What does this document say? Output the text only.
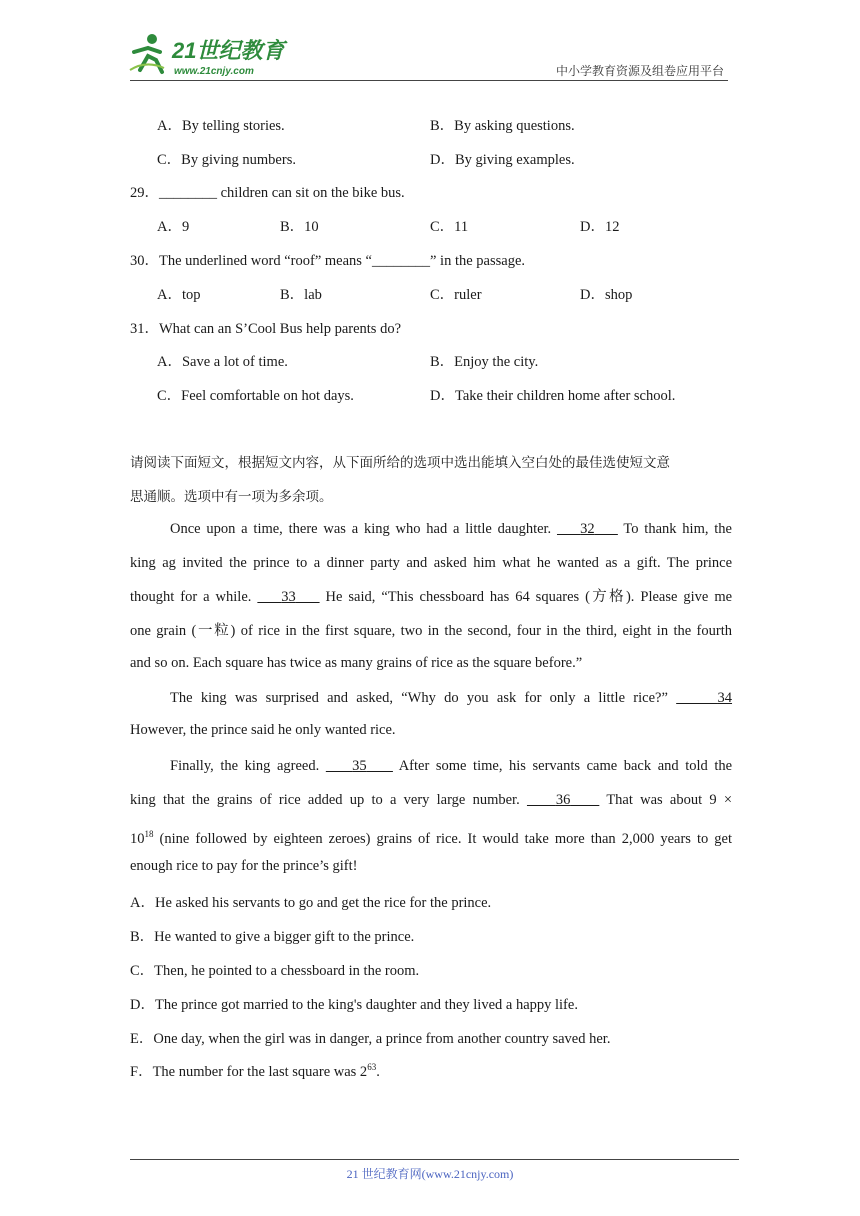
21世纪教育
www.21cnjy.com	中小学教育资源及组卷应用平台
A．By telling stories.	B．By asking questions.
C．By giving numbers.	D．By giving examples.
29．________ children can sit on the bike bus.
A．9	B．10	C．11	D．12
30．The underlined word “roof” means “________” in the passage.
A．top	B．lab	C．ruler	D．shop
31．What can an S’Cool Bus help parents do?
A．Save a lot of time.	B．Enjoy the city.
C．Feel comfortable on hot days.	D．Take their children home after school.
请阅读下面短文，根据短文内容，从下面所给的选项中选出能填入空白处的最佳选使短文意
思通顺。选项中有一项为多余项。
Once upon a time, there was a king who had a little daughter. 32 To thank him, the
king ag invited the prince to a dinner party and asked him what he wanted as a gift. The prince
thought for a while. 33 He said, “This chessboard has 64 squares (方格). Please give me
one grain (一粒) of rice in the first square, two in the second, four in the third, eight in the fourth
and so on. Each square has twice as many grains of rice as the square before.”
The king was surprised and asked, “Why do you ask for only a little rice?”	34
However, the prince said he only wanted rice.
Finally, the king agreed. 35 After some time, his servants came back and told the
king that the grains of rice added up to a very large number. 36 That was about 9 ×
$10^{18}$ (nine followed by eighteen zeroes) grains of rice. It would take more than 2,000 years to get
enough rice to pay for the prince’s gift!
A．He asked his servants to go and get the rice for the prince.
B．He wanted to give a bigger gift to the prince.
C．Then, he pointed to a chessboard in the room.
D．The prince got married to the king's daughter and they lived a happy life.
E．One day, when the girl was in danger, a prince from another country saved her.
F．The number for the last square was $2^{63}$.
21 世纪教育网(www.21cnjy.com)
